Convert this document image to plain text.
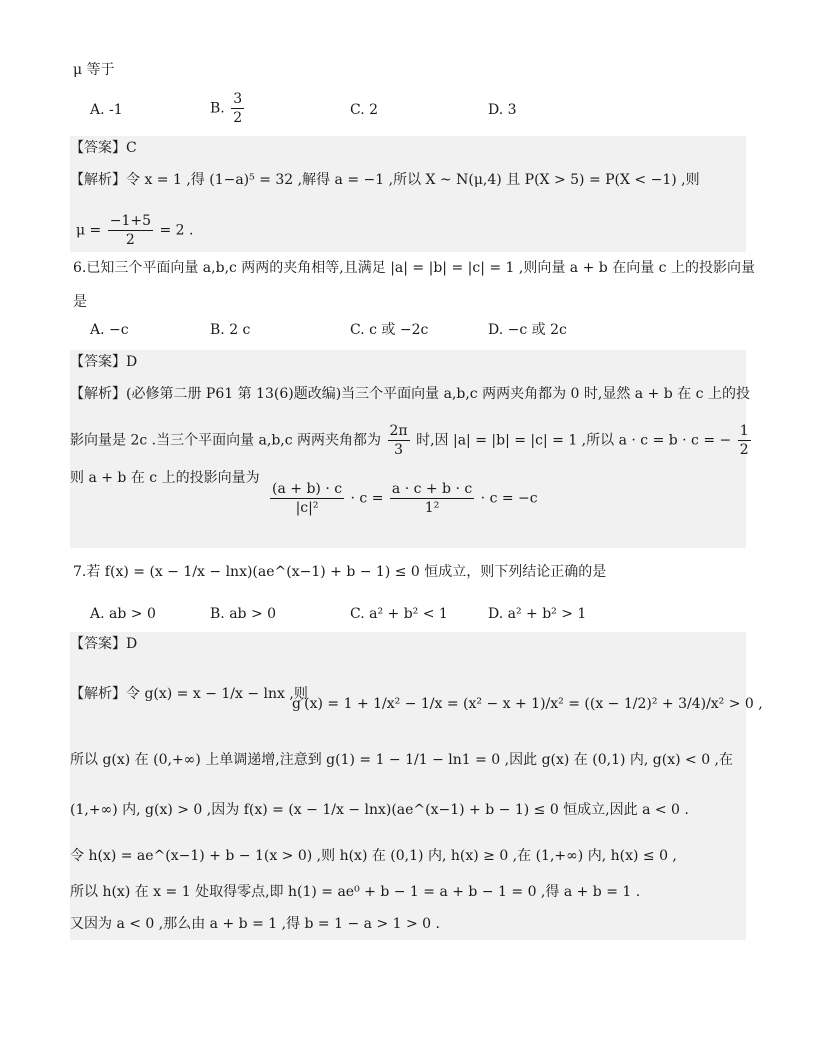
μ 等于
A. -1	B. $\frac{3}{2}$	C. 2	D. 3
【答案】C
【解析】令 x = 1 ,得 (1−a)⁵ = 32 ,解得 a = −1 ,所以 X ~ N(μ,4) 且 P(X > 5) = P(X < −1) ,则
$\mu = \frac{-1+5}{2} = 2$ .
6.已知三个平面向量 a,b,c 两两的夹角相等,且满足 |a| = |b| = |c| = 1 ,则向量 a + b 在向量 c 上的投影向量
是
A. −c	B. 2 c	C. c 或 −2c	D. −c 或 2c
【答案】D
【解析】(必修第二册 P61 第 13(6)题改编)当三个平面向量 a,b,c 两两夹角都为 0 时,显然 a + b 在 c 上的投
影向量是 2c .当三个平面向量 a,b,c 两两夹角都为 $\frac{2\pi}{3}$ 时,因 |a| = |b| = |c| = 1 ,所以 a · c = b · c = − $\frac{1}{2}$
则 a + b 在 c 上的投影向量为
$\frac{(a + b) \cdot c}{\text{|c|²}} \cdot c = \frac{a \cdot c + b \cdot c}{\text{1²}} \cdot c = -c$
7.若 f(x) = (x − 1/x − lnx)(ae^(x−1) + b − 1) ≤ 0 恒成立，则下列结论正确的是
A. ab > 0	B. ab > 0	C. a² + b² < 1	D. a² + b² > 1
【答案】D
【解析】令 g(x) = x − 1/x − lnx ,则
g′(x) = 1 + 1/x² − 1/x = (x² − x + 1)/x² = ((x − 1/2)² + 3/4)/x² > 0 ,
所以 g(x) 在 (0,+∞) 上单调递增,注意到 g(1) = 1 − 1/1 − ln1 = 0 ,因此 g(x) 在 (0,1) 内, g(x) < 0 ,在
(1,+∞) 内, g(x) > 0 ,因为 f(x) = (x − 1/x − lnx)(ae^(x−1) + b − 1) ≤ 0 恒成立,因此 a < 0 .
令 h(x) = ae^(x−1) + b − 1(x > 0) ,则 h(x) 在 (0,1) 内, h(x) ≥ 0 ,在 (1,+∞) 内, h(x) ≤ 0 ,
所以 h(x) 在 x = 1 处取得零点,即 h(1) = ae⁰ + b − 1 = a + b − 1 = 0 ,得 a + b = 1 .
又因为 a < 0 ,那么由 a + b = 1 ,得 b = 1 − a > 1 > 0 .
